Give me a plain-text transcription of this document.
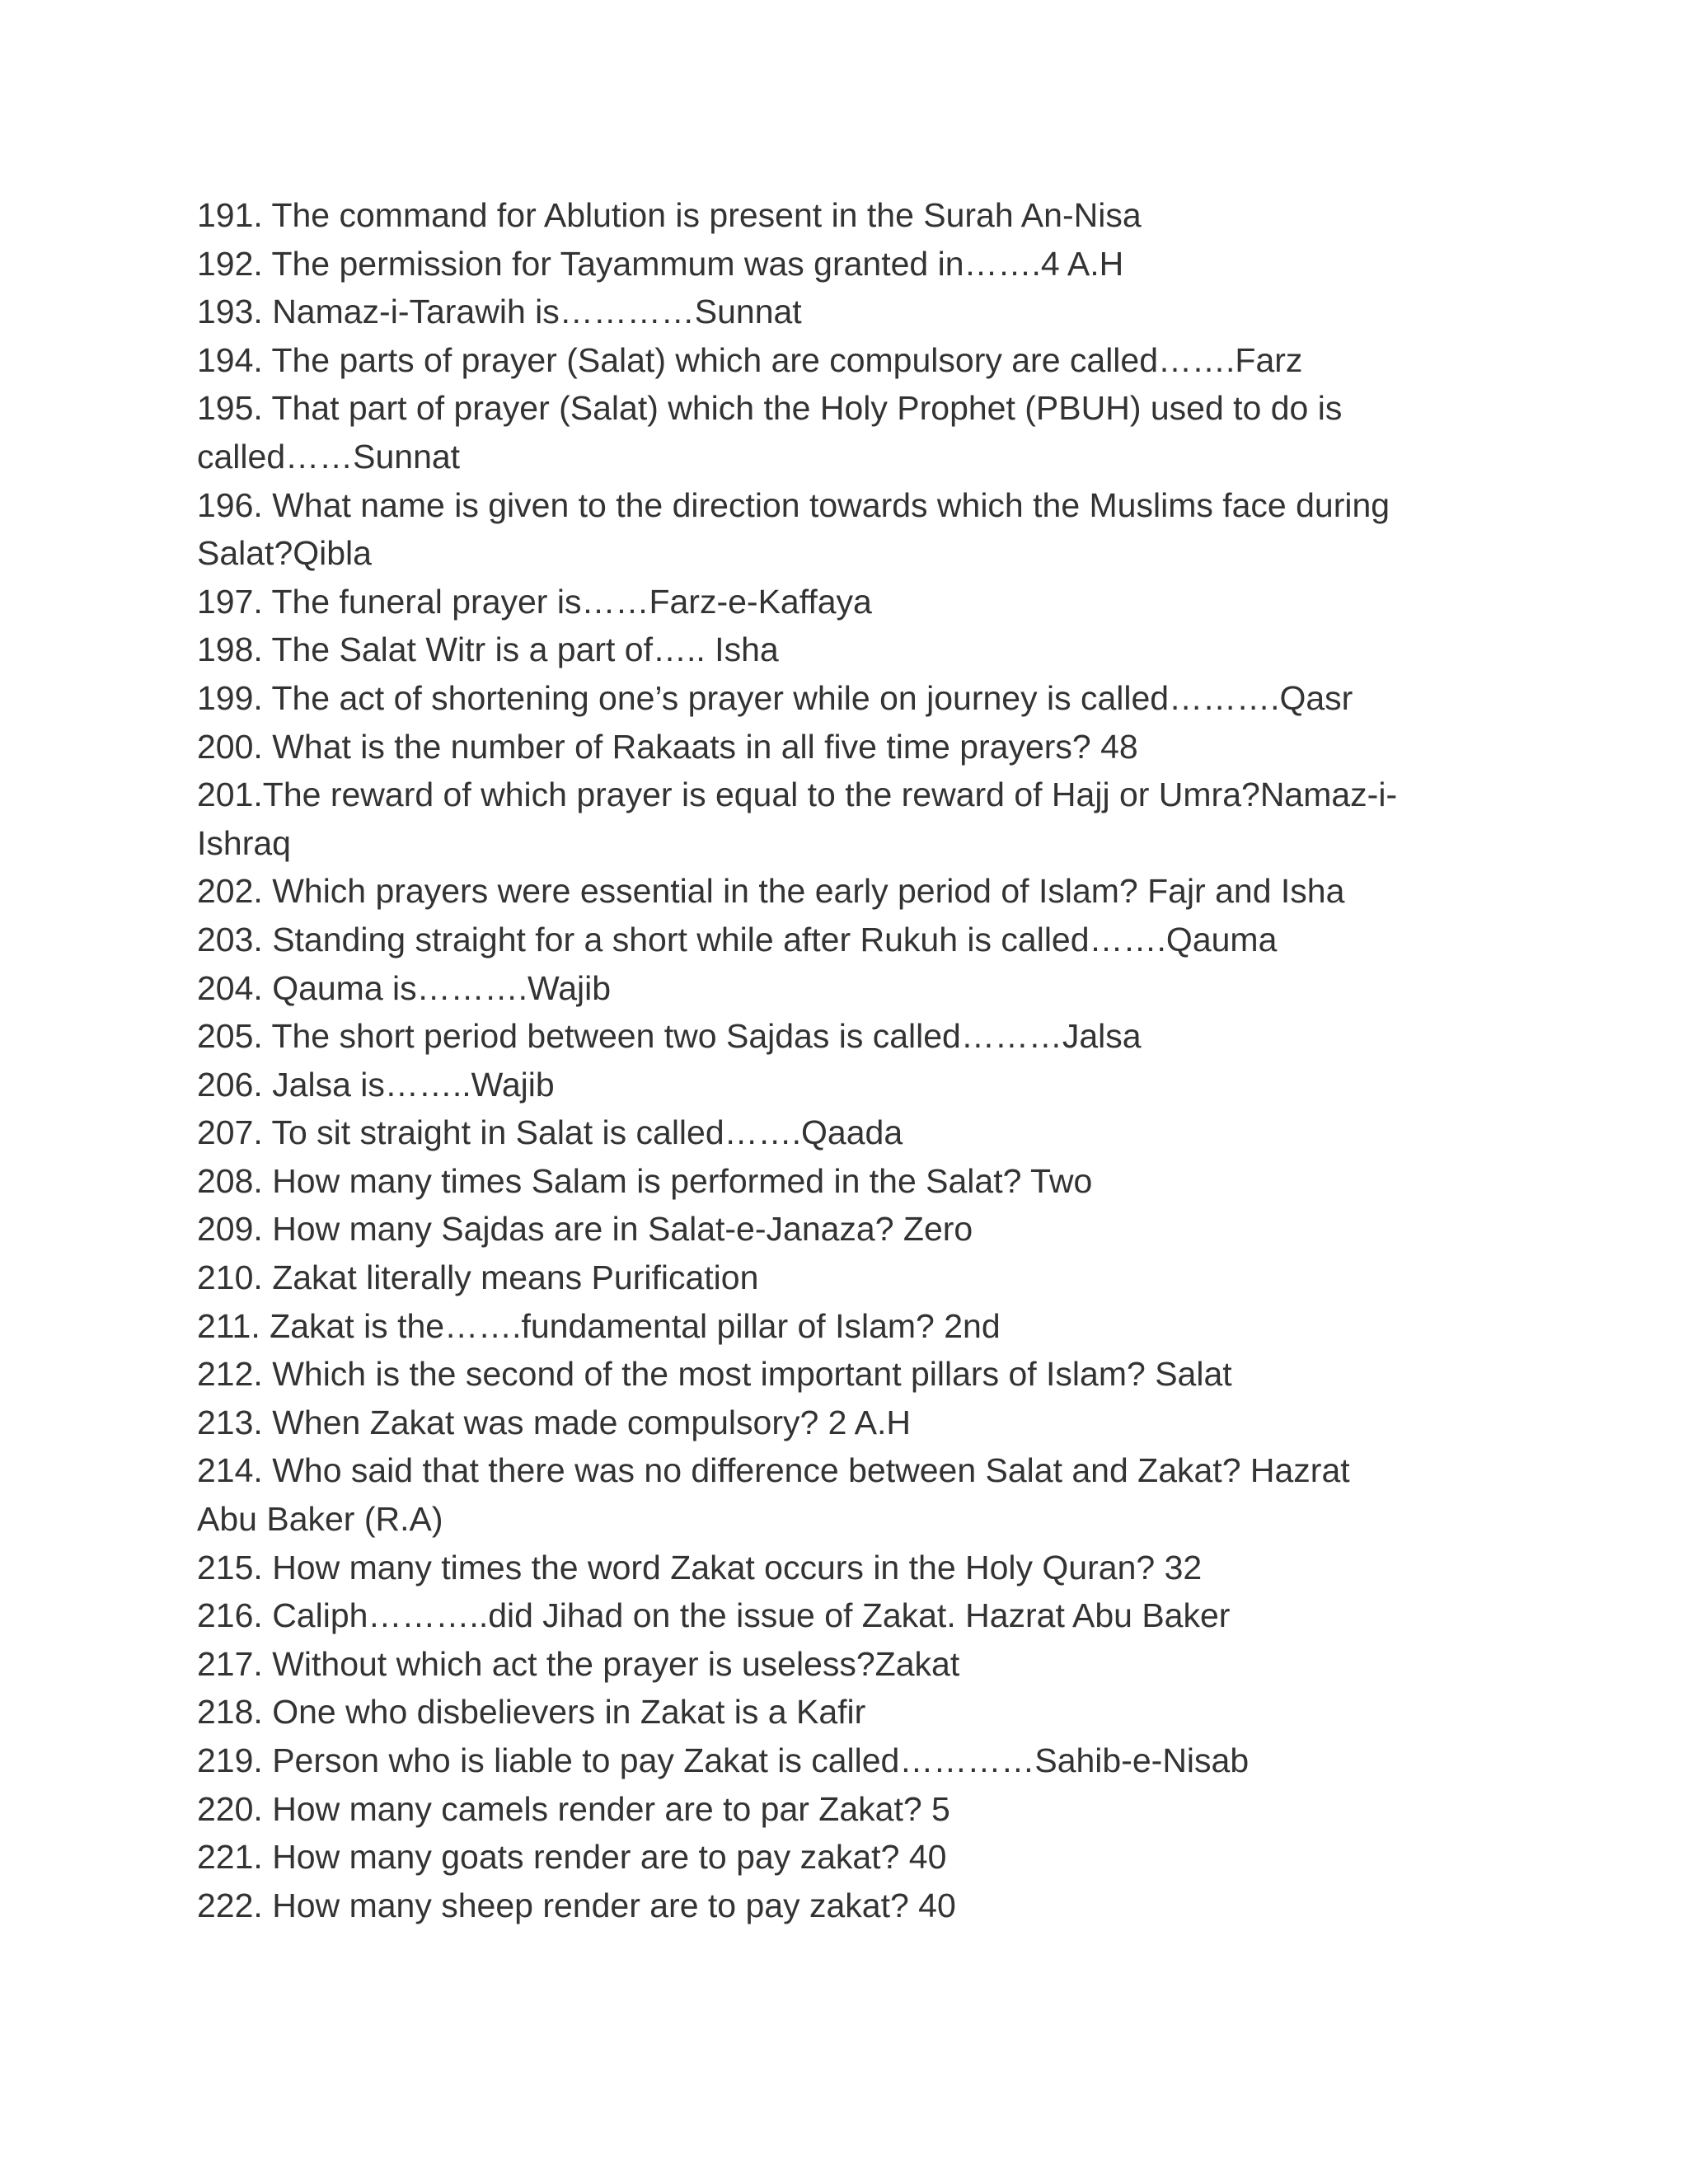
191. The command for Ablution is present in the Surah An-Nisa

192. The permission for Tayammum was granted in…….4 A.H

193. Namaz-i-Tarawih is…………Sunnat

194. The parts of prayer (Salat) which are compulsory are called…….Farz

195. That part of prayer (Salat) which the Holy Prophet (PBUH) used to do is called……Sunnat

196. What name is given to the direction towards which the Muslims face during Salat?Qibla

197. The funeral prayer is……Farz-e-Kaffaya

198. The Salat Witr is a part of….. Isha

199. The act of shortening one’s prayer while on journey is called……….Qasr

200. What is the number of Rakaats in all five time prayers? 48

201.The reward of which prayer is equal to the reward of Hajj or Umra?Namaz-i-Ishraq

202. Which prayers were essential in the early period of Islam? Fajr and Isha

203. Standing straight for a short while after Rukuh is called…….Qauma

204. Qauma is……….Wajib

205. The short period between two Sajdas is called………Jalsa

206. Jalsa is……..Wajib

207. To sit straight in Salat is called…….Qaada

208. How many times Salam is performed in the Salat? Two

209. How many Sajdas are in Salat-e-Janaza? Zero

210. Zakat literally means Purification

211. Zakat is the…….fundamental pillar of Islam? 2nd

212. Which is the second of the most important pillars of Islam? Salat

213. When Zakat was made compulsory? 2 A.H

214. Who said that there was no difference between Salat and Zakat? Hazrat Abu Baker (R.A)

215. How many times the word Zakat occurs in the Holy Quran? 32

216. Caliph………..did Jihad on the issue of Zakat. Hazrat Abu Baker

217. Without which act the prayer is useless?Zakat

218. One who disbelievers in Zakat is a Kafir

219. Person who is liable to pay Zakat is called…………Sahib-e-Nisab

220. How many camels render are to par Zakat? 5

221. How many goats render are to pay zakat? 40

222. How many sheep render are to pay zakat? 40
